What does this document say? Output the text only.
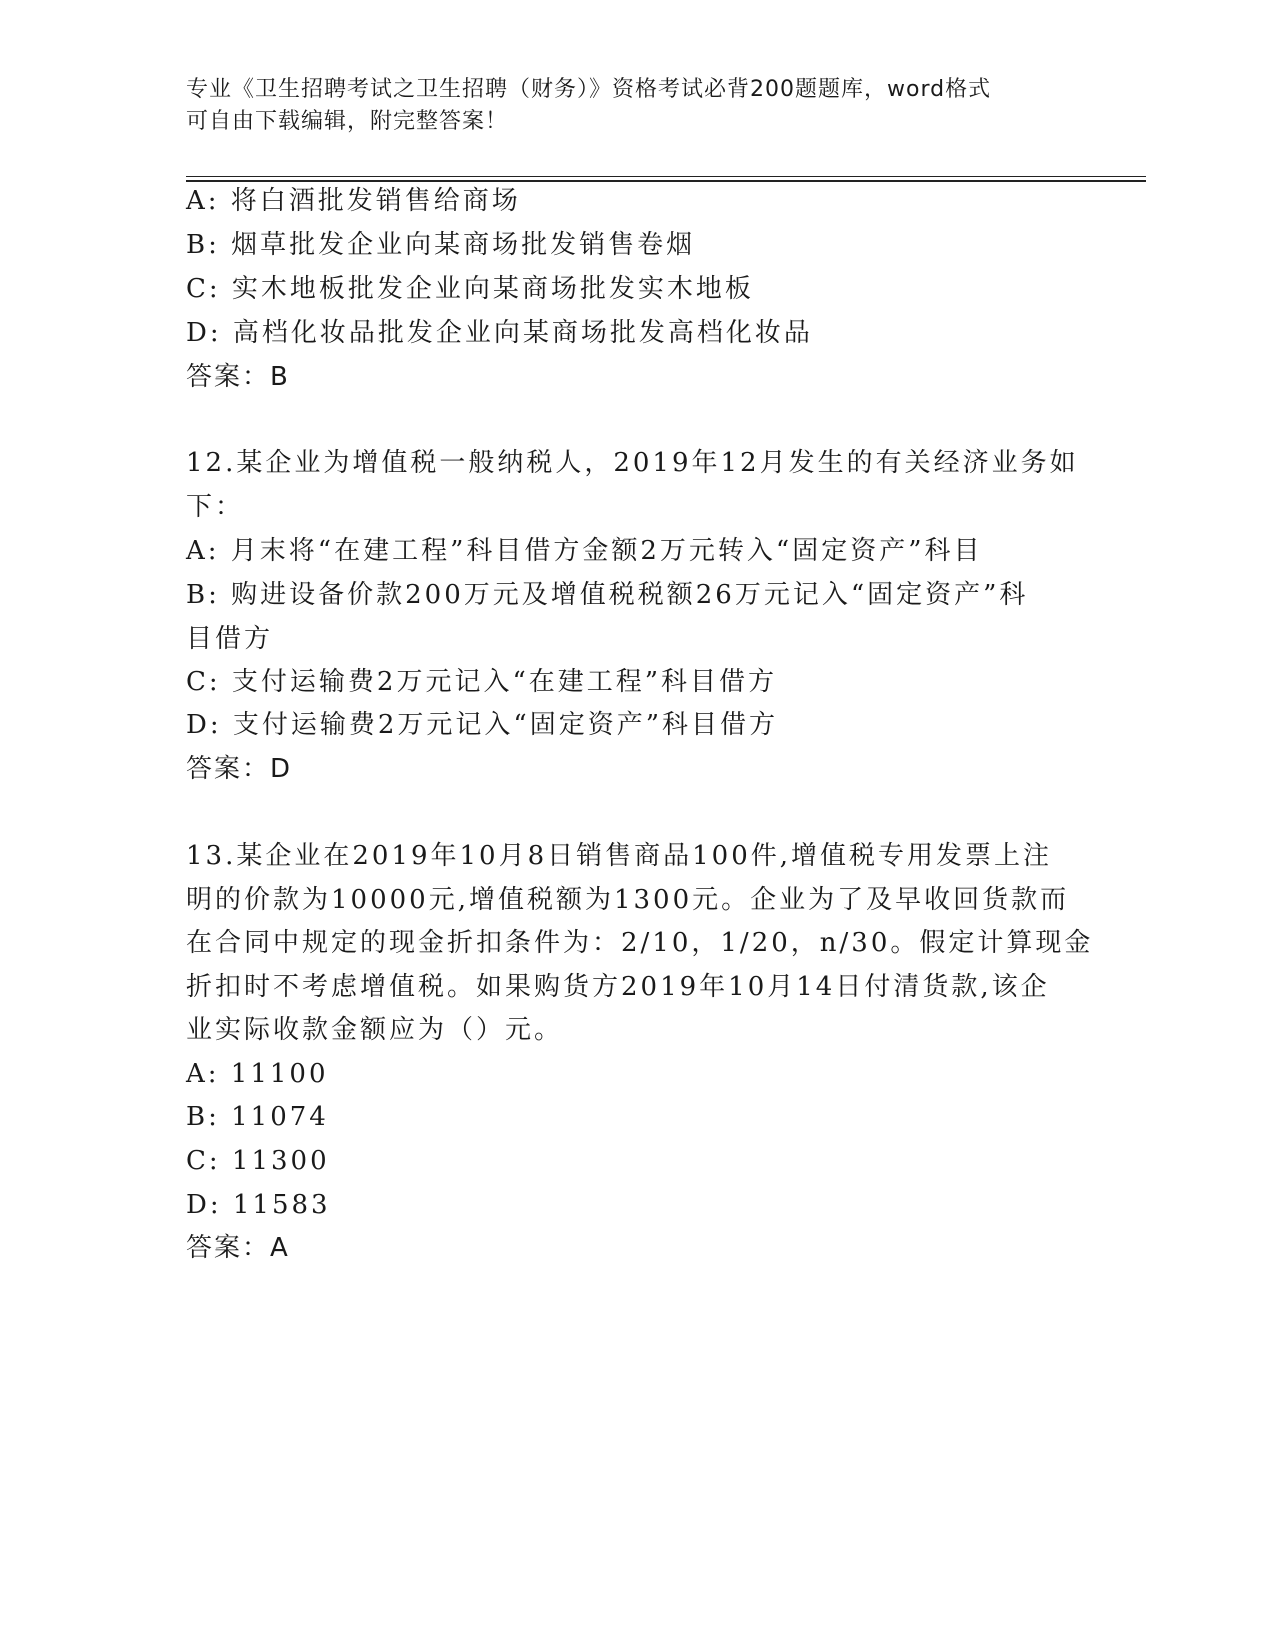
专业《卫生招聘考试之卫生招聘（财务）》资格考试必背200题题库，word格式
可自由下载编辑，附完整答案！
A: 将白酒批发销售给商场
B: 烟草批发企业向某商场批发销售卷烟
C: 实木地板批发企业向某商场批发实木地板
D: 高档化妆品批发企业向某商场批发高档化妆品
答案：B
12.某企业为增值税一般纳税人，2019年12月发生的有关经济业务如
下：
A: 月末将“在建工程”科目借方金额2万元转入“固定资产”科目
B: 购进设备价款200万元及增值税税额26万元记入“固定资产”科
目借方
C: 支付运输费2万元记入“在建工程”科目借方
D: 支付运输费2万元记入“固定资产”科目借方
答案：D
13.某企业在2019年10月8日销售商品100件,增值税专用发票上注
明的价款为10000元,增值税额为1300元。企业为了及早收回货款而
在合同中规定的现金折扣条件为：2/10，1/20，n/30。假定计算现金
折扣时不考虑增值税。如果购货方2019年10月14日付清货款,该企
业实际收款金额应为（）元。
A: 11100
B: 11074
C: 11300
D: 11583
答案：A
